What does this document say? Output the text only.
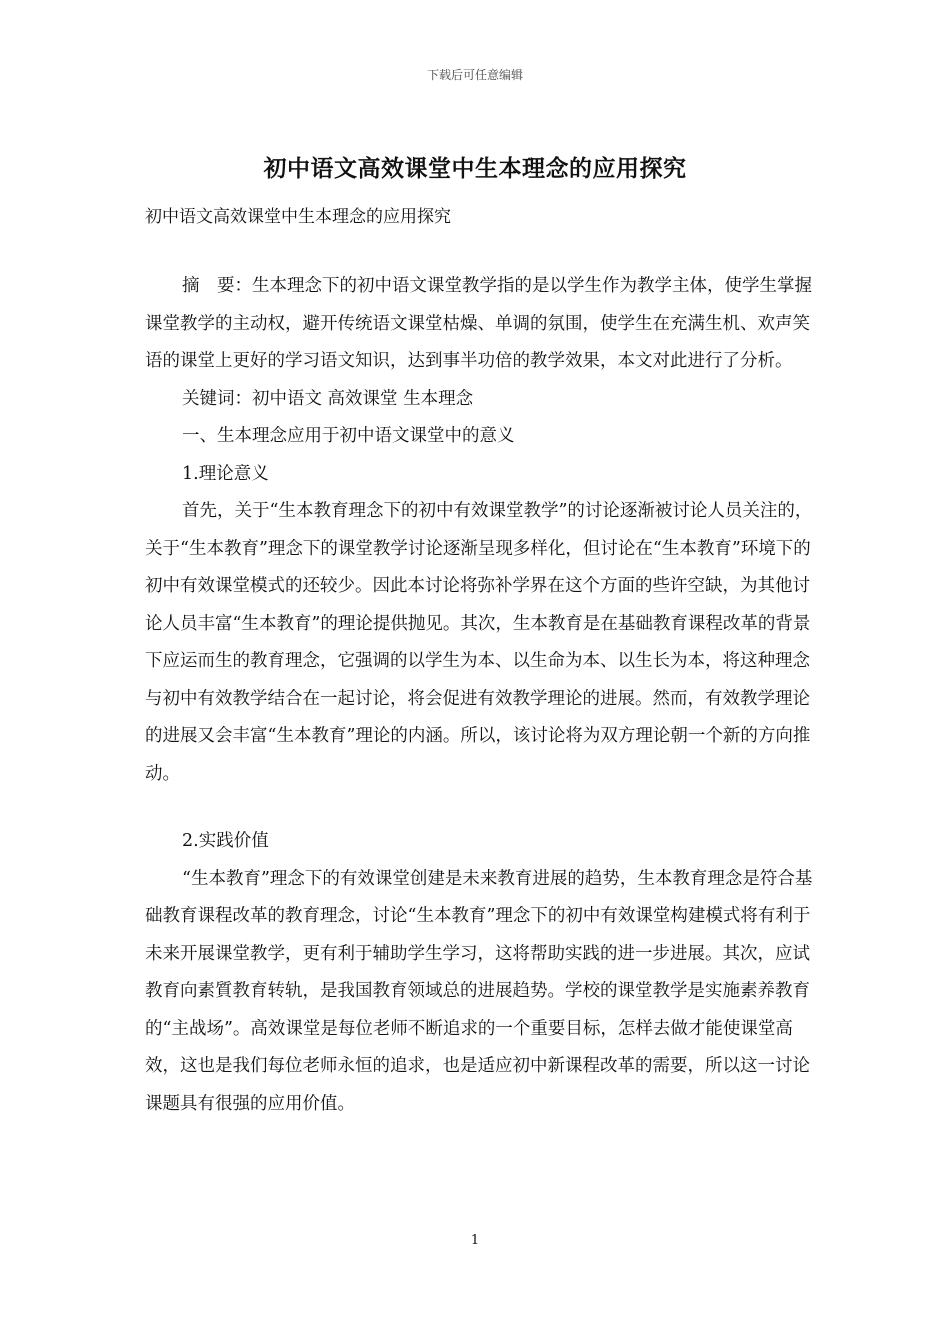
下载后可任意编辑
初中语文高效课堂中生本理念的应用探究
初中语文高效课堂中生本理念的应用探究

摘　要：生本理念下的初中语文课堂教学指的是以学生作为教学主体，使学生掌握课堂教学的主动权，避开传统语文课堂枯燥、单调的氛围，使学生在充满生机、欢声笑语的课堂上更好的学习语文知识，达到事半功倍的教学效果，本文对此进行了分析。

关键词：初中语文 高效课堂 生本理念

一、生本理念应用于初中语文课堂中的意义

1.理论意义

首先，关于“生本教育理念下的初中有效课堂教学”的讨论逐渐被讨论人员关注的，关于“生本教育”理念下的课堂教学讨论逐渐呈现多样化，但讨论在“生本教育”环境下的初中有效课堂模式的还较少。因此本讨论将弥补学界在这个方面的些许空缺，为其他讨论人员丰富“生本教育”的理论提供抛见。其次，生本教育是在基础教育课程改革的背景下应运而生的教育理念，它强调的以学生为本、以生命为本、以生长为本，将这种理念与初中有效教学结合在一起讨论，将会促进有效教学理论的进展。然而，有效教学理论的进展又会丰富“生本教育”理论的内涵。所以，该讨论将为双方理论朝一个新的方向推动。

2.实践价值

“生本教育”理念下的有效课堂创建是未来教育进展的趋势，生本教育理念是符合基础教育课程改革的教育理念，讨论“生本教育”理念下的初中有效课堂构建模式将有利于未来开展课堂教学，更有利于辅助学生学习，这将帮助实践的进一步进展。其次，应试教育向素質教育转轨，是我国教育领域总的进展趋势。学校的课堂教学是实施素养教育的“主战场”。高效课堂是每位老师不断追求的一个重要目标，怎样去做才能使课堂高效，这也是我们每位老师永恒的追求，也是适应初中新课程改革的需要，所以这一讨论课题具有很强的应用价值。

1
